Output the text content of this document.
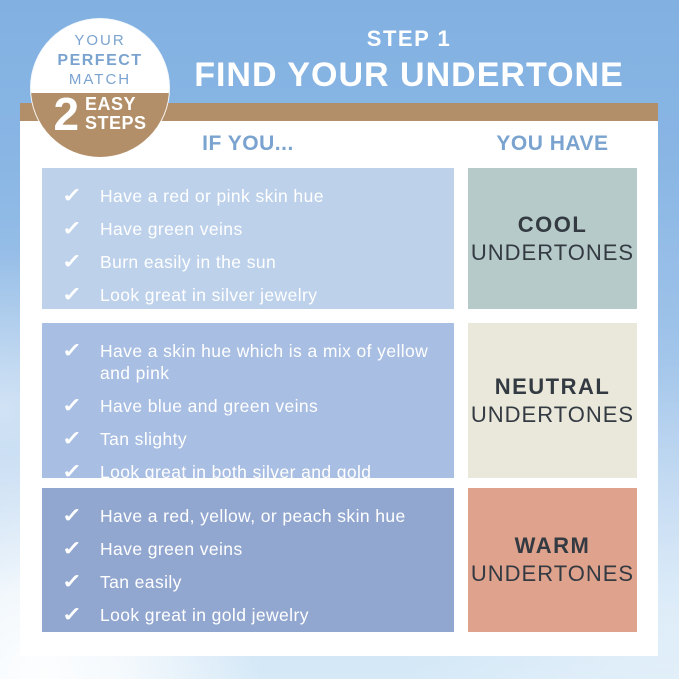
IF YOU...	YOU HAVE
✓	Have a red or pink skin hue
✓	Have green veins
✓	Burn easily in the sun
✓	Look great in silver jewelry
COOL
UNDERTONES
✓	Have a skin hue which is a mix of yellow and pink
✓	Have blue and green veins
✓	Tan slighty
✓	Look great in both silver and gold
NEUTRAL
UNDERTONES
✓	Have a red, yellow, or peach skin hue
✓	Have green veins
✓	Tan easily
✓	Look great in gold jewelry
WARM
UNDERTONES
YOUR
PERFECT
MATCH
2 EASY
STEPS
STEP 1
FIND YOUR UNDERTONE
